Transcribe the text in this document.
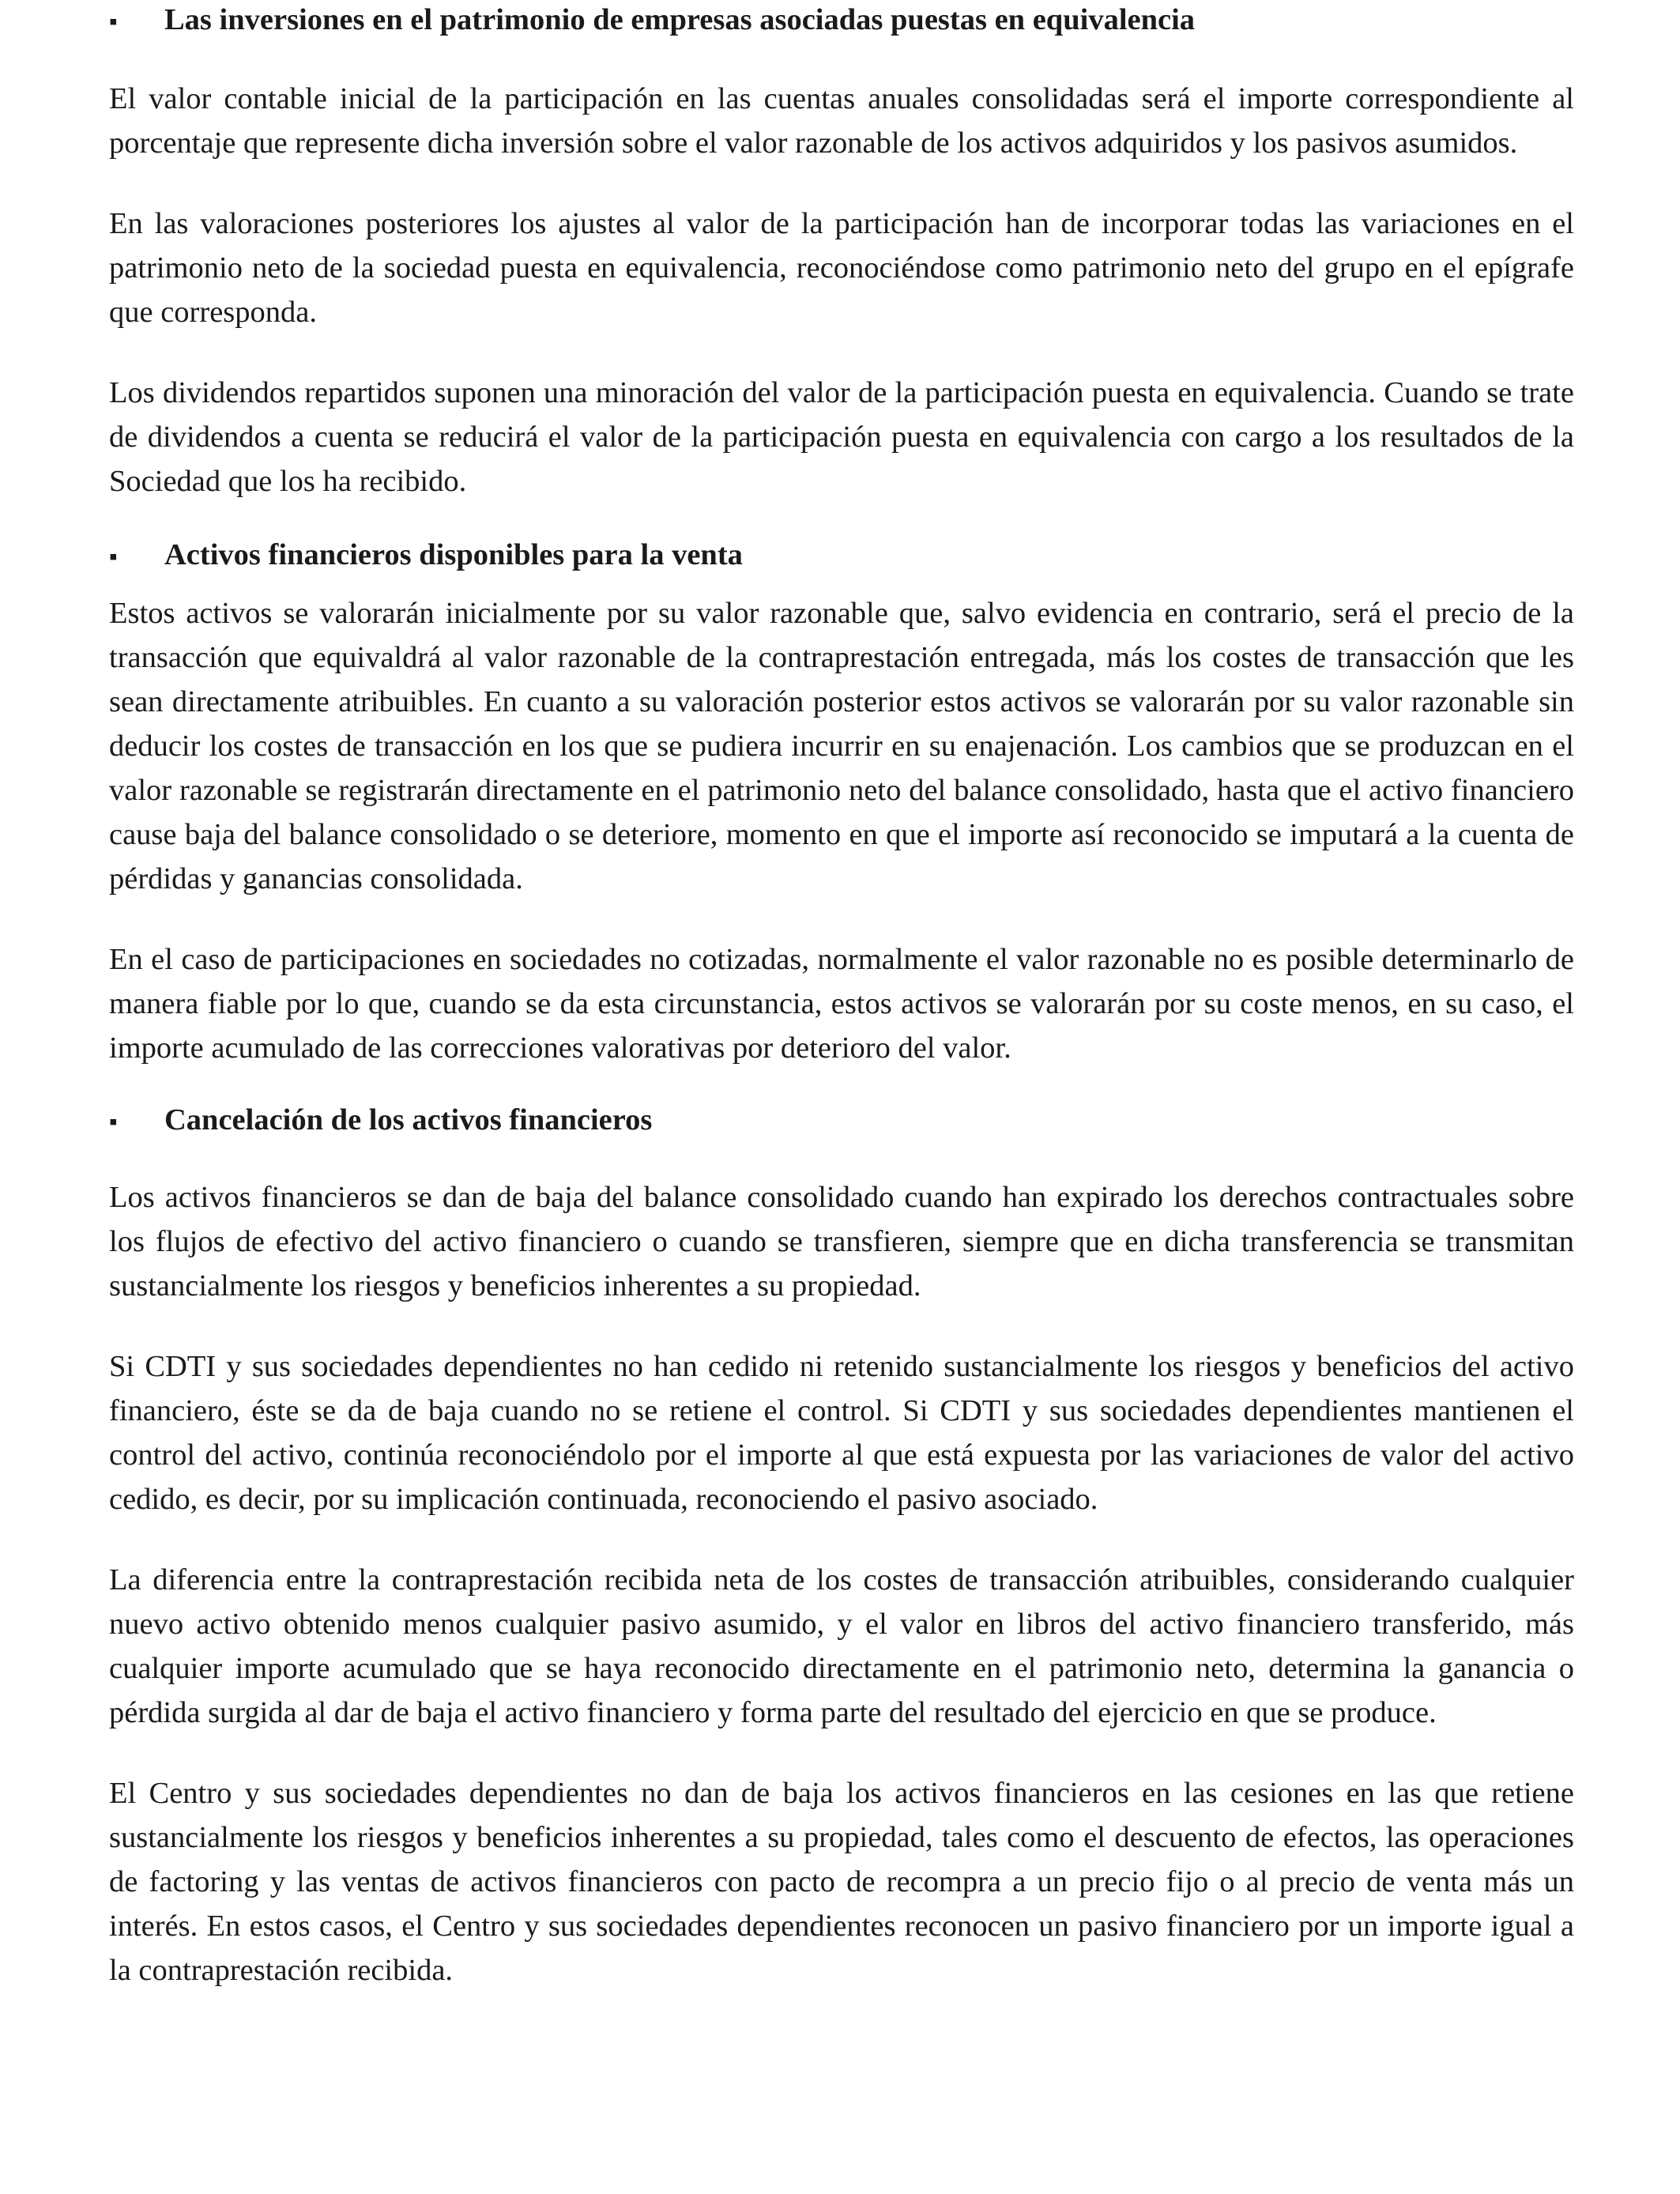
▪	Las inversiones en el patrimonio de empresas asociadas puestas en equivalencia

El valor contable inicial de la participación en las cuentas anuales consolidadas será el importe correspondiente al porcentaje que represente dicha inversión sobre el valor razonable de los activos adquiridos y los pasivos asumidos.

En las valoraciones posteriores los ajustes al valor de la participación han de incorporar todas las variaciones en el patrimonio neto de la sociedad puesta en equivalencia, reconociéndose como patrimonio neto del grupo en el epígrafe que corresponda.

Los dividendos repartidos suponen una minoración del valor de la participación puesta en equivalencia. Cuando se trate de dividendos a cuenta se reducirá el valor de la participación puesta en equivalencia con cargo a los resultados de la Sociedad que los ha recibido.

▪	Activos financieros disponibles para la venta

Estos activos se valorarán inicialmente por su valor razonable que, salvo evidencia en contrario, será el precio de la transacción que equivaldrá al valor razonable de la contraprestación entregada, más los costes de transacción que les sean directamente atribuibles. En cuanto a su valoración posterior estos activos se valorarán por su valor razonable sin deducir los costes de transacción en los que se pudiera incurrir en su enajenación. Los cambios que se produzcan en el valor razonable se registrarán directamente en el patrimonio neto del balance consolidado, hasta que el activo financiero cause baja del balance consolidado o se deteriore, momento en que el importe así reconocido se imputará a la cuenta de pérdidas y ganancias consolidada.

En el caso de participaciones en sociedades no cotizadas, normalmente el valor razonable no es posible determinarlo de manera fiable por lo que, cuando se da esta circunstancia, estos activos se valorarán por su coste menos, en su caso, el importe acumulado de las correcciones valorativas por deterioro del valor.

▪	Cancelación de los activos financieros

Los activos financieros se dan de baja del balance consolidado cuando han expirado los derechos contractuales sobre los flujos de efectivo del activo financiero o cuando se transfieren, siempre que en dicha transferencia se transmitan sustancialmente los riesgos y beneficios inherentes a su propiedad.

Si CDTI y sus sociedades dependientes no han cedido ni retenido sustancialmente los riesgos y beneficios del activo financiero, éste se da de baja cuando no se retiene el control. Si CDTI y sus sociedades dependientes mantienen el control del activo, continúa reconociéndolo por el importe al que está expuesta por las variaciones de valor del activo cedido, es decir, por su implicación continuada, reconociendo el pasivo asociado.

La diferencia entre la contraprestación recibida neta de los costes de transacción atribuibles, considerando cualquier nuevo activo obtenido menos cualquier pasivo asumido, y el valor en libros del activo financiero transferido, más cualquier importe acumulado que se haya reconocido directamente en el patrimonio neto, determina la ganancia o pérdida surgida al dar de baja el activo financiero y forma parte del resultado del ejercicio en que se produce.

El Centro y sus sociedades dependientes no dan de baja los activos financieros en las cesiones en las que retiene sustancialmente los riesgos y beneficios inherentes a su propiedad, tales como el descuento de efectos, las operaciones de factoring y las ventas de activos financieros con pacto de recompra a un precio fijo o al precio de venta más un interés. En estos casos, el Centro y sus sociedades dependientes reconocen un pasivo financiero por un importe igual a la contraprestación recibida.
